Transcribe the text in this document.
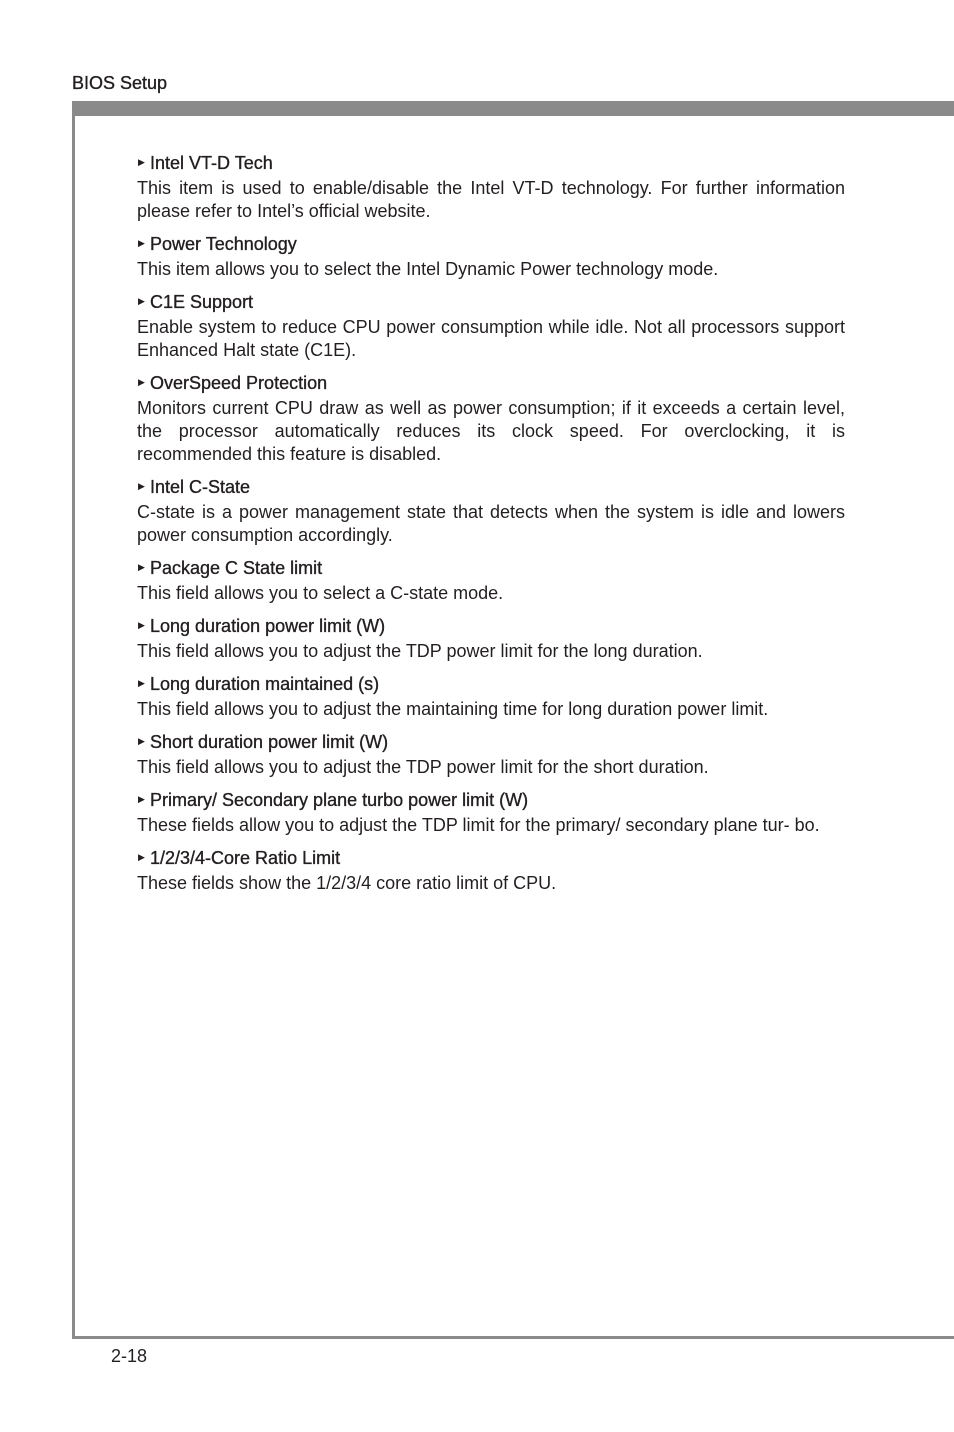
BIOS Setup
▶ Intel VT-D Tech
This item is used to enable/disable the Intel VT-D technology. For further information please refer to Intel’s official website.
▶ Power Technology
This item allows you to select the Intel Dynamic Power technology mode.
▶ C1E Support
Enable system to reduce CPU power consumption while idle. Not all processors support Enhanced Halt state (C1E).
▶ OverSpeed Protection
Monitors current CPU draw as well as power consumption; if it exceeds a certain level, the processor automatically reduces its clock speed. For overclocking, it is recommended this feature is disabled.
▶ Intel C-State
C-state is a power management state that detects when the system is idle and lowers power consumption accordingly.
▶ Package C State limit
This field allows you to select a C-state mode.
▶ Long duration power limit (W)
This field allows you to adjust the TDP power limit for the long duration.
▶ Long duration maintained (s)
This field allows you to adjust the maintaining time for long duration power limit.
▶ Short duration power limit (W)
This field allows you to adjust the TDP power limit for the short duration.
▶ Primary/ Secondary plane turbo power limit (W)
These fields allow you to adjust the TDP limit for the primary/ secondary plane tur- bo.
▶ 1/2/3/4-Core Ratio Limit
These fields show the 1/2/3/4 core ratio limit of CPU.
2-18
